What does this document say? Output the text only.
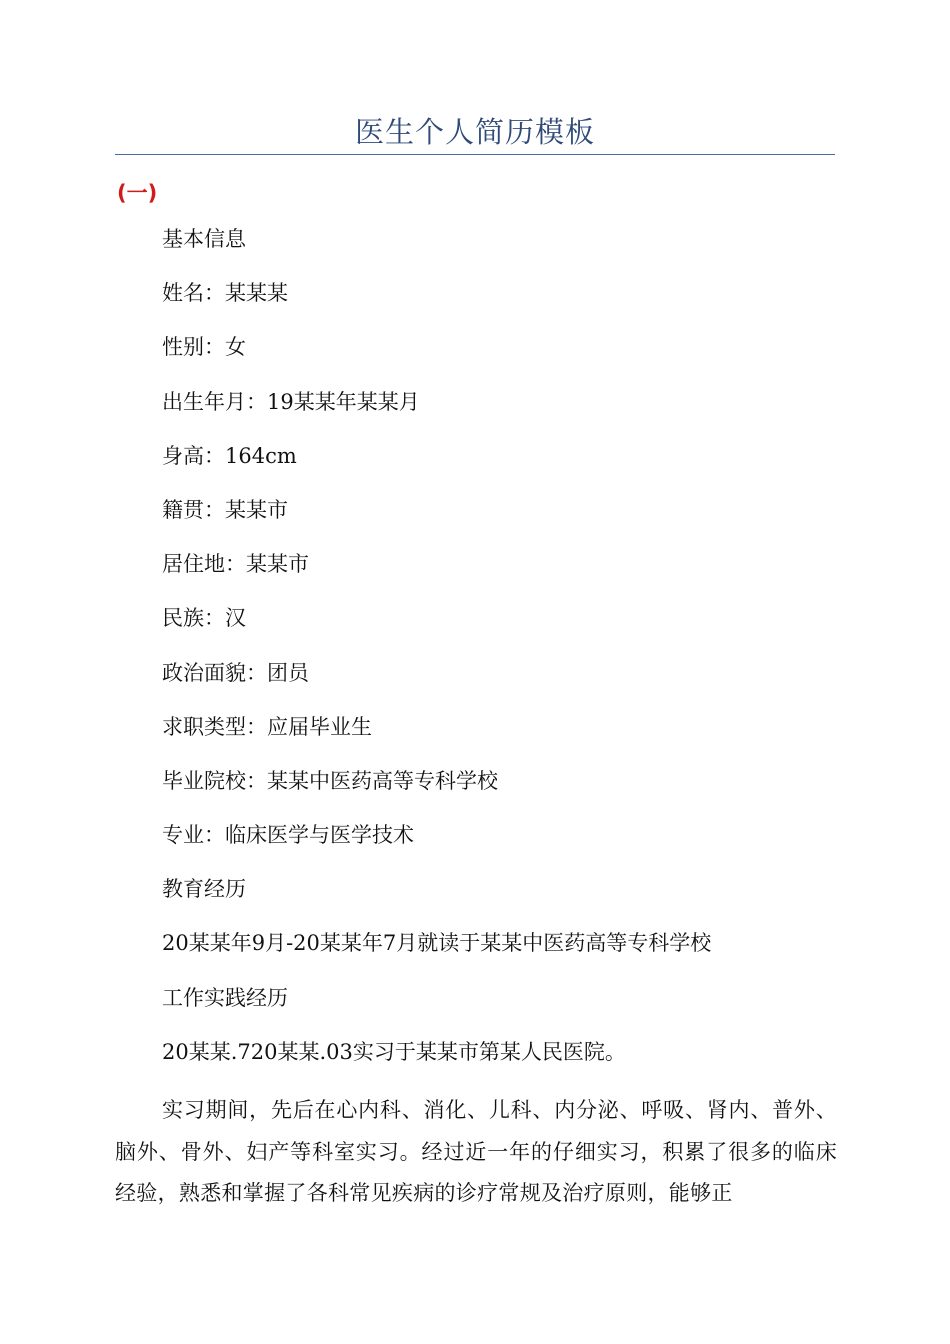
医生个人简历模板
(一)
基本信息
姓名：某某某
性别：女
出生年月：19某某年某某月
身高：164cm
籍贯：某某市
居住地：某某市
民族：汉
政治面貌：团员
求职类型：应届毕业生
毕业院校：某某中医药高等专科学校
专业：临床医学与医学技术
教育经历
20某某年9月-20某某年7月就读于某某中医药高等专科学校
工作实践经历
20某某.720某某.03实习于某某市第某人民医院。

实习期间，先后在心内科、消化、儿科、内分泌、呼吸、肾内、普外、脑外、骨外、妇产等科室实习。经过近一年的仔细实习，积累了很多的临床经验，熟悉和掌握了各科常见疾病的诊疗常规及治疗原则，能够正
